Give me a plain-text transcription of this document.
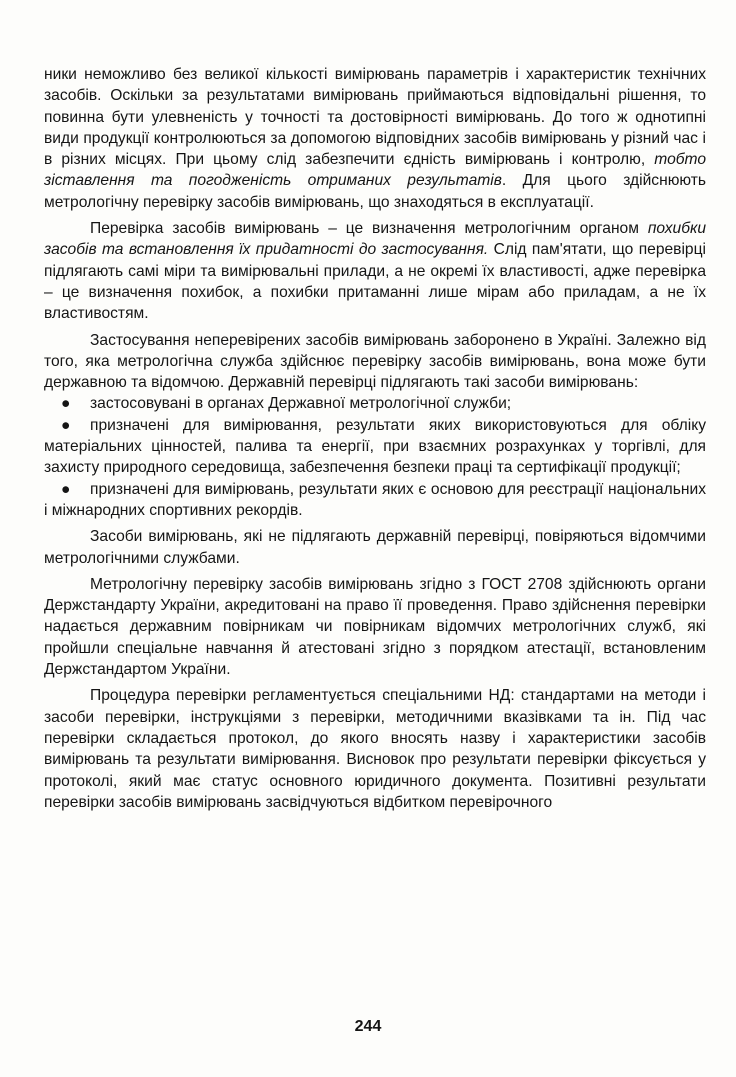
ники неможливо без великої кількості вимірювань параметрів і характеристик технічних засобів. Оскільки за результатами вимірювань приймаються відповідальні рішення, то повинна бути улевненість у точності та достовірності вимірювань. До того ж однотипні види продукції контролюються за допомогою відповідних засобів вимірювань у різний час і в різних місцях. При цьому слід забезпечити єдність вимірювань і контролю, тобто зіставлення та погодженість отриманих результатів. Для цього здійснюють метрологічну перевірку засобів вимірювань, що знаходяться в експлуатації.

Перевірка засобів вимірювань – це визначення метрологічним органом похибки засобів та встановлення їх придатності до застосування. Слід пам'ятати, що перевірці підлягають самі міри та вимірювальні прилади, а не окремі їх властивості, адже перевірка – це визначення похибок, а похибки притаманні лише мірам або приладам, а не їх властивостям.

Застосування неперевірених засобів вимірювань заборонено в Україні. Залежно від того, яка метрологічна служба здійснює перевірку засобів вимірювань, вона може бути державною та відомчою. Державній перевірці підлягають такі засоби вимірювань:

● застосовувані в органах Державної метрологічної служби;
● призначені для вимірювання, результати яких використовуються для обліку матеріальних цінностей, палива та енергії, при взаємних розрахунках у торгівлі, для захисту природного середовища, забезпечення безпеки праці та сертифікації продукції;
● призначені для вимірювань, результати яких є основою для реєстрації національних і міжнародних спортивних рекордів.

Засоби вимірювань, які не підлягають державній перевірці, повіряються відомчими метрологічними службами.

Метрологічну перевірку засобів вимірювань згідно з ГОСТ 2708 здійснюють органи Держстандарту України, акредитовані на право її проведення. Право здійснення перевірки надається державним повірникам чи повірникам відомчих метрологічних служб, які пройшли спеціальне навчання й атестовані згідно з порядком атестації, встановленим Держстандартом України.

Процедура перевірки регламентується спеціальними НД: стандартами на методи і засоби перевірки, інструкціями з перевірки, методичними вказівками та ін. Під час перевірки складається протокол, до якого вносять назву і характеристики засобів вимірювань та результати вимірювання. Висновок про результати перевірки фіксується у протоколі, який має статус основного юридичного документа. Позитивні результати перевірки засобів вимірювань засвідчуються відбитком перевірочного

244
